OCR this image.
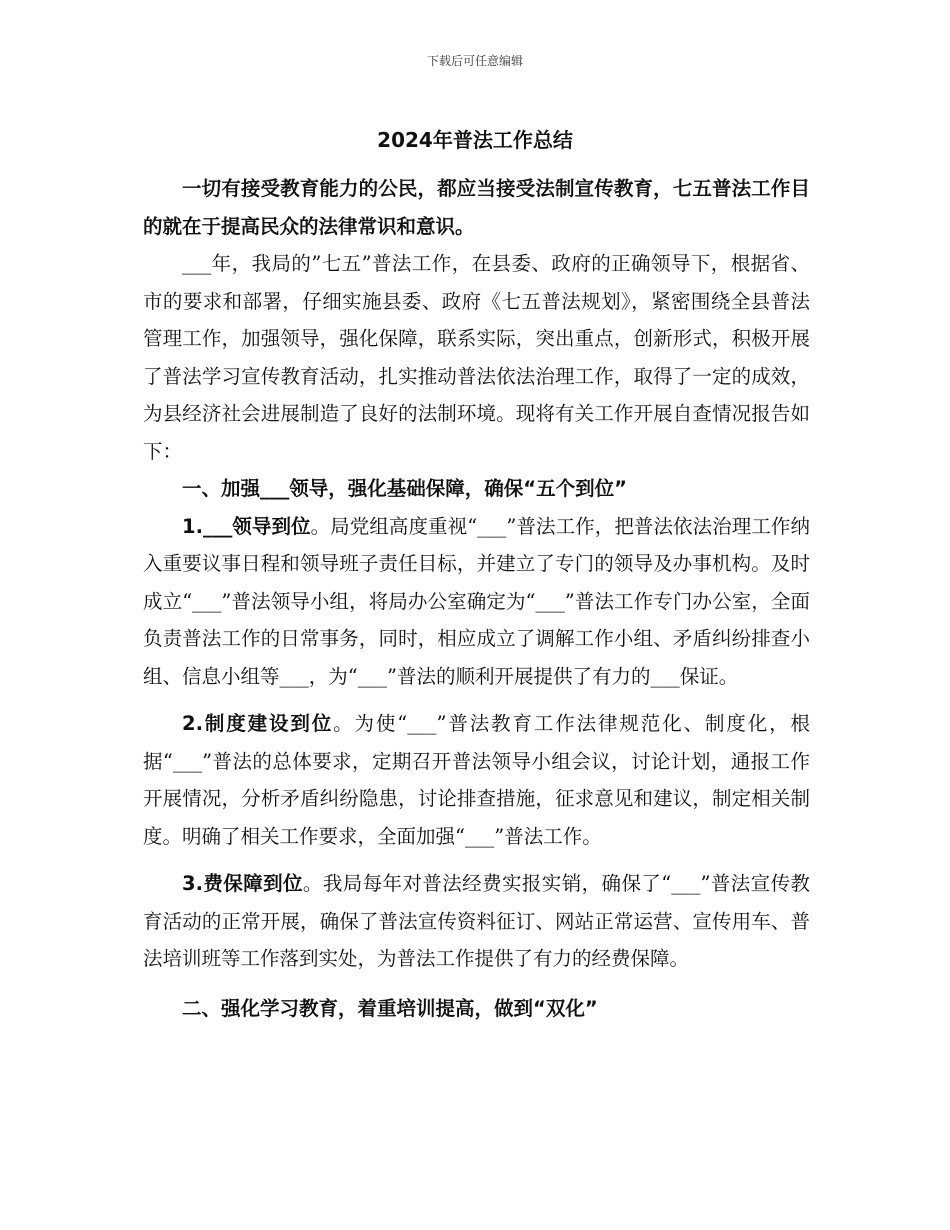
下载后可任意编辑
2024年普法工作总结

一切有接受教育能力的公民，都应当接受法制宣传教育，七五普法工作目的就在于提高民众的法律常识和意识。

___年，我局的”七五”普法工作，在县委、政府的正确领导下，根据省、市的要求和部署，仔细实施县委、政府《七五普法规划》，紧密围绕全县普法管理工作，加强领导，强化保障，联系实际，突出重点，创新形式，积极开展了普法学习宣传教育活动，扎实推动普法依法治理工作，取得了一定的成效，为县经济社会进展制造了良好的法制环境。现将有关工作开展自查情况报告如下：

一、加强___领导，强化基础保障，确保“五个到位”

1.___领导到位。局党组高度重视“___”普法工作，把普法依法治理工作纳入重要议事日程和领导班子责任目标，并建立了专门的领导及办事机构。及时成立“___”普法领导小组，将局办公室确定为“___”普法工作专门办公室，全面负责普法工作的日常事务，同时，相应成立了调解工作小组、矛盾纠纷排查小组、信息小组等___，为“___”普法的顺利开展提供了有力的___保证。

2.制度建设到位。为使“___”普法教育工作法律规范化、制度化，根据“___”普法的总体要求，定期召开普法领导小组会议，讨论计划，通报工作开展情况，分析矛盾纠纷隐患，讨论排查措施，征求意见和建议，制定相关制度。明确了相关工作要求，全面加强“___”普法工作。

3.费保障到位。我局每年对普法经费实报实销，确保了“___”普法宣传教育活动的正常开展，确保了普法宣传资料征订、网站正常运营、宣传用车、普法培训班等工作落到实处，为普法工作提供了有力的经费保障。

二、强化学习教育，着重培训提高，做到“双化”
